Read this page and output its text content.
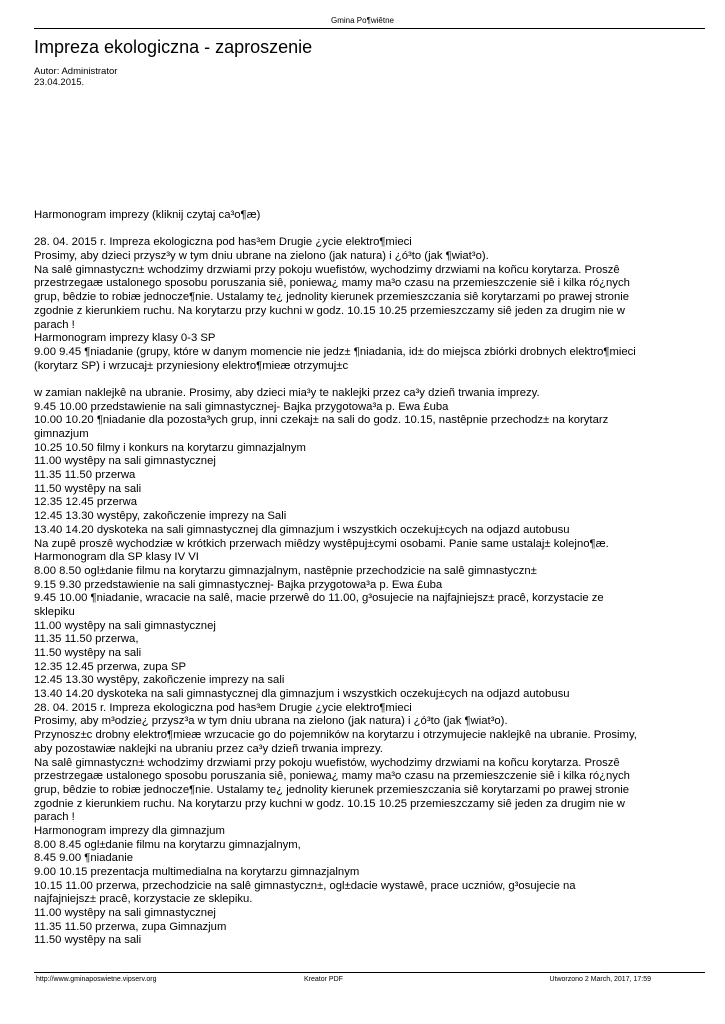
Gmina Po¶wiêtne
Impreza ekologiczna - zaproszenie
Autor: Administrator
23.04.2015.
Harmonogram imprezy (kliknij czytaj ca³o¶æ)
28. 04. 2015 r. Impreza ekologiczna pod has³em Drugie ¿ycie elektro¶mieci
Prosimy, aby dzieci przysz³y w tym dniu ubrane na zielono (jak natura) i ¿ó³to (jak ¶wiat³o).
Na salê gimnastyczn± wchodzimy drzwiami przy pokoju wuefistów, wychodzimy drzwiami na koñcu korytarza. Proszê
przestrzegaæ ustalonego sposobu poruszania siê, poniewa¿ mamy ma³o czasu na przemieszczenie siê i kilka ró¿nych
grup, bêdzie to robiæ jednocze¶nie. Ustalamy te¿ jednolity kierunek przemieszczania siê korytarzami po prawej stronie
zgodnie z kierunkiem ruchu. Na korytarzu przy kuchni w godz. 10.15 10.25 przemieszczamy siê jeden za drugim nie w
parach !
Harmonogram imprezy klasy 0-3 SP
9.00 9.45 ¶niadanie (grupy, które w danym momencie nie jedz± ¶niadania, id± do miejsca zbiórki drobnych elektro¶mieci
(korytarz SP) i wrzucaj± przyniesiony elektro¶mieæ otrzymuj±c
w zamian naklejkê na ubranie. Prosimy, aby dzieci mia³y te naklejki przez ca³y dzieñ trwania imprezy.
9.45 10.00 przedstawienie na sali gimnastycznej- Bajka przygotowa³a p. Ewa £uba
10.00 10.20 ¶niadanie dla pozosta³ych grup, inni czekaj± na sali do godz. 10.15, nastêpnie przechodz± na korytarz
gimnazjum
10.25 10.50 filmy i konkurs na korytarzu gimnazjalnym
11.00 wystêpy na sali gimnastycznej
11.35 11.50 przerwa
11.50 wystêpy na sali
12.35 12.45 przerwa
12.45 13.30 wystêpy, zakoñczenie imprezy na Sali
13.40 14.20 dyskoteka na sali gimnastycznej dla gimnazjum i wszystkich oczekuj±cych na odjazd autobusu
Na zupê proszê wychodziæ w krótkich przerwach miêdzy wystêpuj±cymi osobami. Panie same ustalaj± kolejno¶æ.
Harmonogram dla SP klasy IV VI
8.00 8.50 ogl±danie filmu na korytarzu gimnazjalnym, nastêpnie przechodzicie na salê gimnastyczn±
9.15 9.30 przedstawienie na sali gimnastycznej- Bajka przygotowa³a p. Ewa £uba
9.45 10.00 ¶niadanie, wracacie na salê, macie przerwê do 11.00, g³osujecie na najfajniejsz± pracê, korzystacie ze
sklepiku
11.00 wystêpy na sali gimnastycznej
11.35 11.50 przerwa,
11.50 wystêpy na sali
12.35 12.45 przerwa, zupa SP
12.45 13.30 wystêpy, zakoñczenie imprezy na sali
13.40 14.20 dyskoteka na sali gimnastycznej dla gimnazjum i wszystkich oczekuj±cych na odjazd autobusu
28. 04. 2015 r. Impreza ekologiczna pod has³em Drugie ¿ycie elektro¶mieci
Prosimy, aby m³odzie¿ przysz³a w tym dniu ubrana na zielono (jak natura) i ¿ó³to (jak ¶wiat³o).
Przynosz±c drobny elektro¶mieæ wrzucacie go do pojemników na korytarzu i otrzymujecie naklejkê na ubranie. Prosimy,
aby pozostawiæ naklejki na ubraniu przez ca³y dzieñ trwania imprezy.
Na salê gimnastyczn± wchodzimy drzwiami przy pokoju wuefistów, wychodzimy drzwiami na koñcu korytarza. Proszê
przestrzegaæ ustalonego sposobu poruszania siê, poniewa¿ mamy ma³o czasu na przemieszczenie siê i kilka ró¿nych
grup, bêdzie to robiæ jednocze¶nie. Ustalamy te¿ jednolity kierunek przemieszczania siê korytarzami po prawej stronie
zgodnie z kierunkiem ruchu. Na korytarzu przy kuchni w godz. 10.15 10.25 przemieszczamy siê jeden za drugim nie w
parach !
Harmonogram imprezy dla gimnazjum
8.00 8.45 ogl±danie filmu na korytarzu gimnazjalnym,
8.45 9.00 ¶niadanie
9.00 10.15 prezentacja multimedialna na korytarzu gimnazjalnym
10.15 11.00 przerwa, przechodzicie na salê gimnastyczn±, ogl±dacie wystawê, prace uczniów, g³osujecie na
najfajniejsz± pracê, korzystacie ze sklepiku.
11.00 wystêpy na sali gimnastycznej
11.35 11.50 przerwa, zupa Gimnazjum
11.50 wystêpy na sali
http://www.gminaposwietne.vipserv.org	Kreator PDF	Utworzono 2 March, 2017, 17:59
